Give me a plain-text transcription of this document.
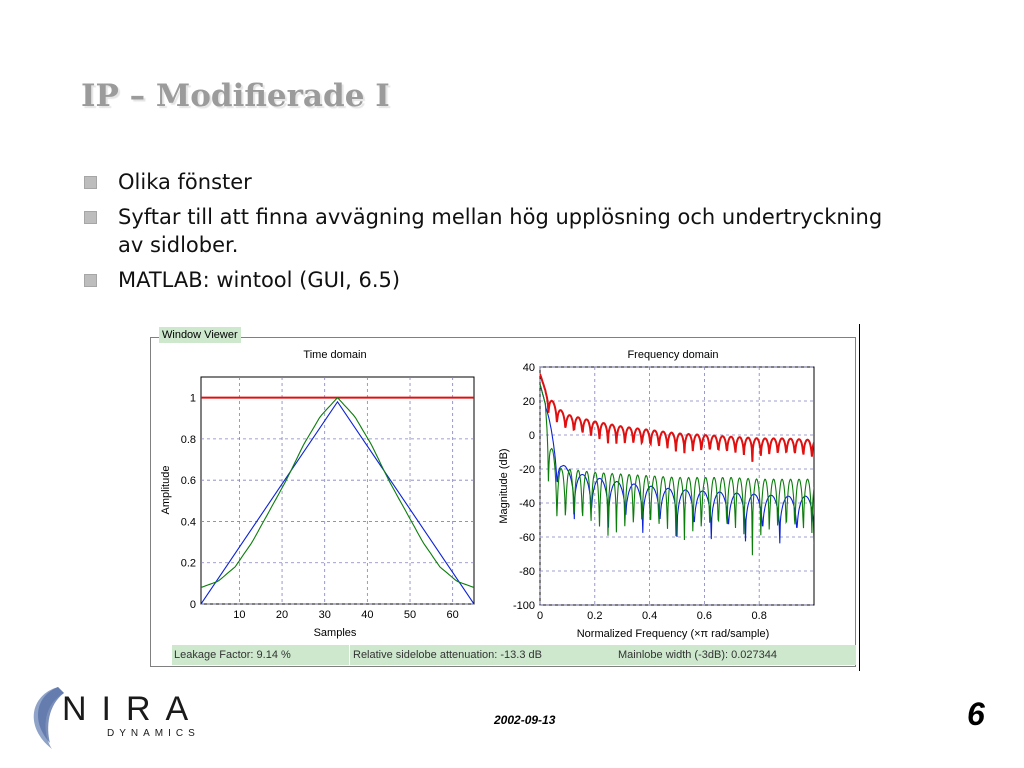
IP – Modifierade I
Olika fönster
Syftar till att finna avvägning mellan hög upplösning och undertryckning av sidlober.
MATLAB: wintool (GUI, 6.5)
Window Viewer
10	20	30	40	50	60
0
0.2
0.4
0.6
0.8
1
Time domain
Samples
Amplitude
0	0.2	0.4	0.6	0.8
-100
-80
-60
-40
-20
0
20
40
Frequency domain
Normalized Frequency (×π rad/sample)
Magnitude (dB)
Leakage Factor: 9.14 %	Relative sidelobe attenuation: -13.3 dB	Mainlobe width (-3dB): 0.027344
NIRA
DYNAMICS
2002-09-13	6
